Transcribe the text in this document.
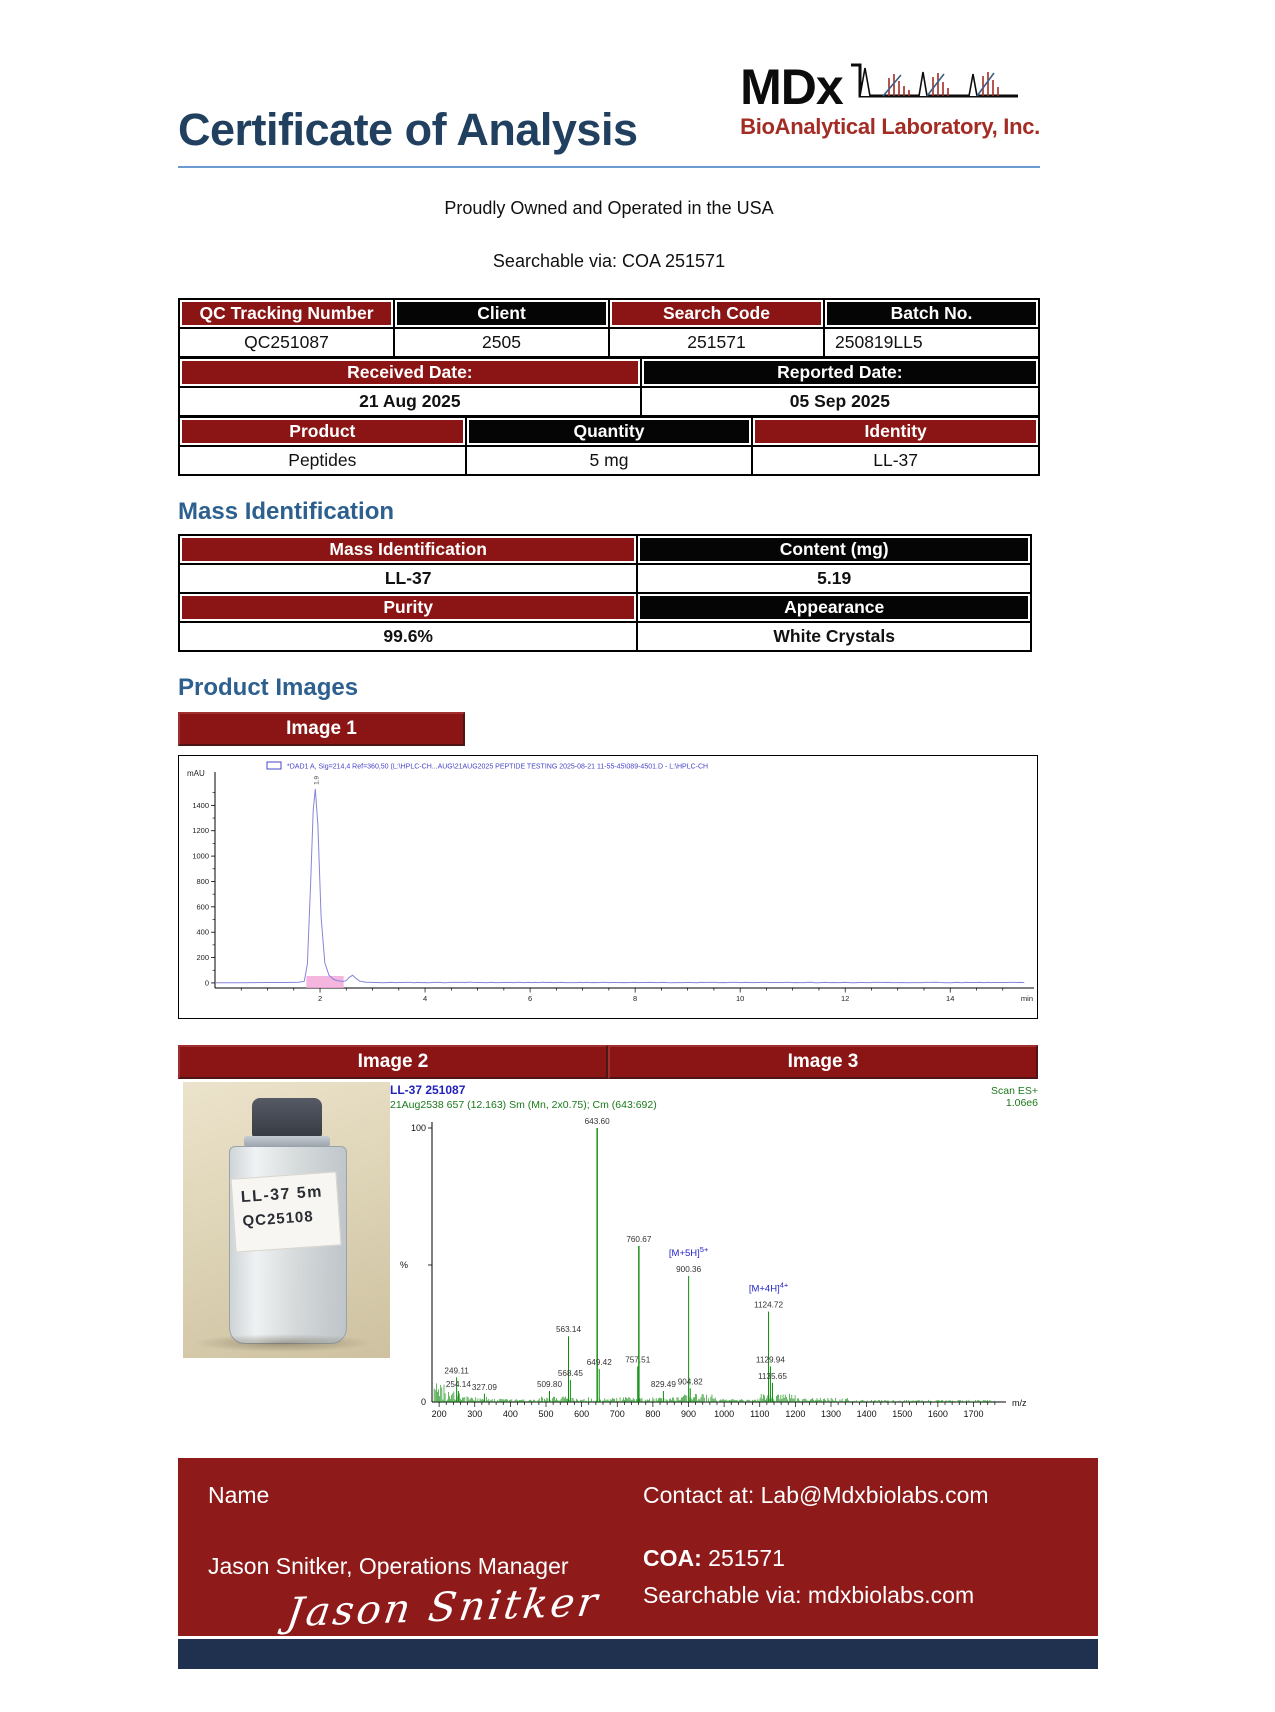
Certificate of Analysis
MDx
BioAnalytical Laboratory, Inc.

Proudly Owned and Operated in the USA

Searchable via: COA 251571

QC Tracking Number	Client	Search Code	Batch No.
QC251087	2505	251571	250819LL5
Received Date:	Reported Date:
21 Aug 2025	05 Sep 2025
Product	Quantity	Identity
Peptides	5 mg	LL-37
Mass Identification
Mass Identification	Content (mg)
LL-37	5.19
Purity	Appearance
99.6%	White Crystals
Product Images
Image 1
*DAD1 A, Sig=214,4 Ref=360,50 (L:\HPLC-CH...AUG\21AUG2025 PEPTIDE TESTING 2025-08-21 11-55-45\089-4501.D - L:\HPLC-CH
mAU
0
200
400
600
800
1000
1200
1400
2	4	6	8	10	12	14	min
1.9
Image 2	Image 3
LL-37 5m
QC25108
LL-37 251087
21Aug2538 657 (12.163) Sm (Mn, 2x0.75); Cm (643:692)
Scan ES+
1.06e6
100
0
%
200 300 400 500 600 700 800 900 1000 1100 1200 1300 1400 1500 1600 1700
m/z
249.11
254.14 327.09	509.80
563.14
568.45
643.60
649.42 757.51
760.67
829.49
900.36
904.82
1124.72
1129.94
1135.65
$[M+5H]^{5+}$
$[M+4H]^{4+}$
Name
Jason Snitker, Operations Manager
Jason Snitker
Contact at: Lab@Mdxbiolabs.com
COA: 251571
Searchable via: mdxbiolabs.com
